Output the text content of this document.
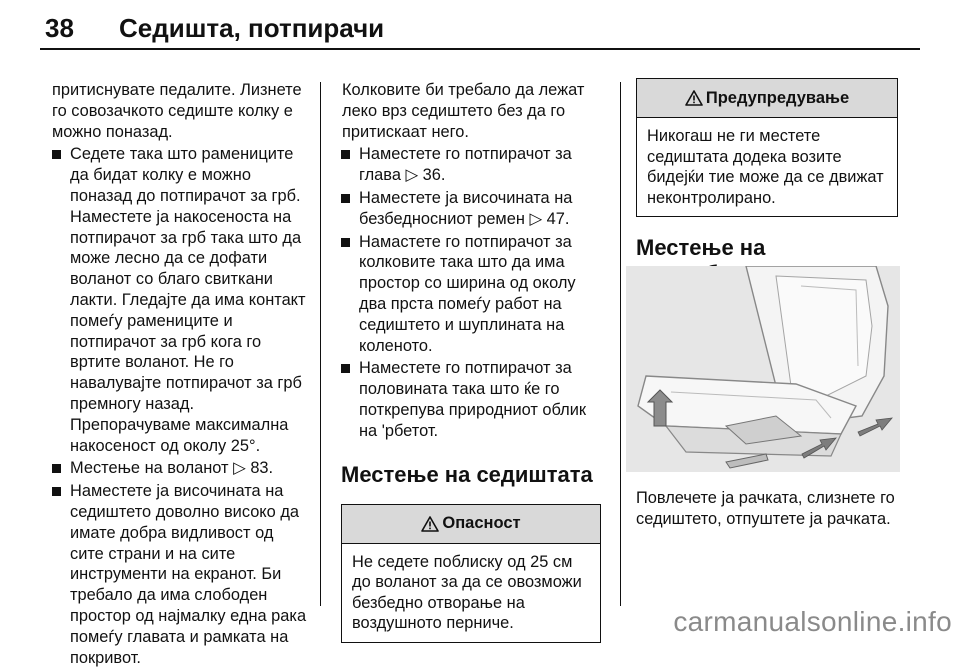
38 Седишта, потпирачи

притиснувате педалите. Лизнете го совозачкото седиште колку е можно поназад.

Седете така што рамениците да бидат колку е можно поназад до потпирачот за грб. Наместете ја накосеноста на потпирачот за грб така што да може лесно да се дофати воланот со благо свиткани лакти. Гледајте да има контакт помеѓу рамениците и потпирачот за грб кога го вртите воланот. Не го навалувајте потпирачот за грб премногу назад. Препорачуваме максимална накосеност од околу 25°.
Местење на воланот ▷ 83.
Наместете ја височината на седиштето доволно високо да имате добра видливост од сите страни и на сите инструменти на екранот. Би требало да има слободен простор од најмалку една рака помеѓу главата и рамката на покривот.

Колковите би требало да лежат леко врз седиштето без да го притискаат него.

Наместете го потпирачот за глава ▷ 36.
Наместете ја височината на безбедносниот ремен ▷ 47.
Намастете го потпирачот за колковите така што да има простор со ширина од околу два прста помеѓу работ на седиштето и шуплината на коленото.
Наместете го потпирачот за половината така што ќе го поткрепува природниот облик на 'рбетот.
Местење на седиштата
Опасност
Не седете поблиску од 25 см до воланот за да се овозможи безбедно отворање на воздушното перниче.
Предупредување
Никогаш не ги местете седиштата додека возите бидејќи тие може да се движат неконтролирано.
Местење на
Повлечете ја рачката, слизнете го седиштето, отпуштете ја рачката.
carmanualsonline.info
